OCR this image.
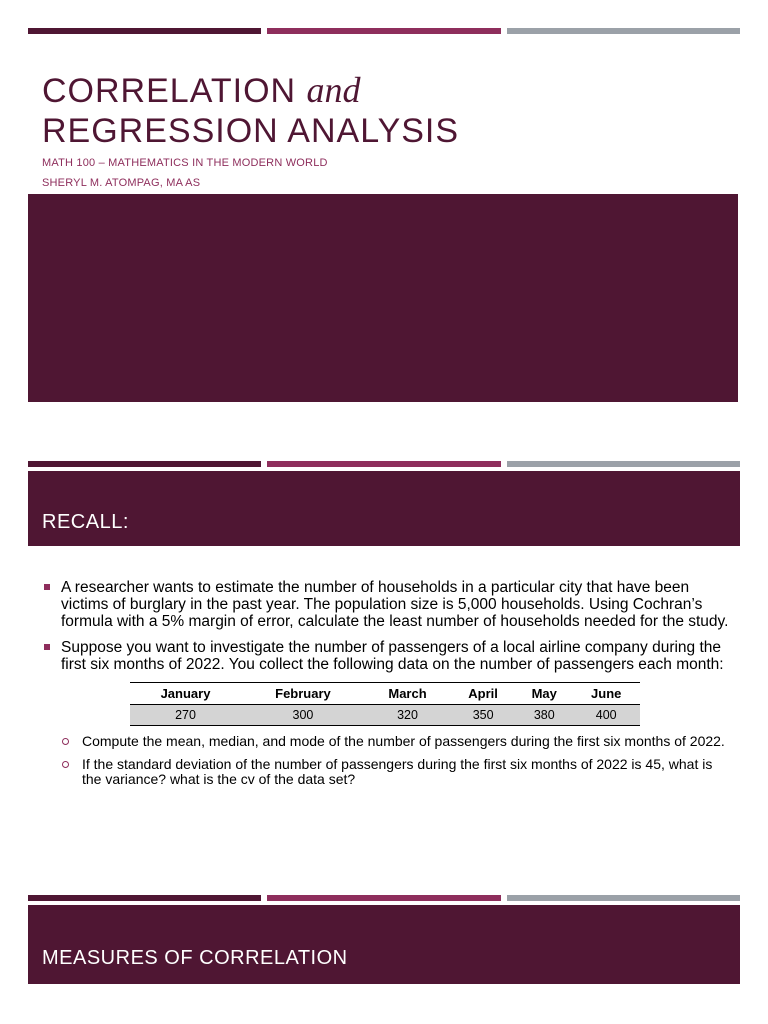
CORRELATION and
REGRESSION ANALYSIS
MATH 100 – MATHEMATICS IN THE MODERN WORLD
SHERYL M. ATOMPAG, MA AS
RECALL:
A researcher wants to estimate the number of households in a particular city that have been victims of burglary in the past year. The population size is 5,000 households. Using Cochran’s formula with a 5% margin of error, calculate the least number of households needed for the study.
Suppose you want to investigate the number of passengers of a local airline company during the first six months of 2022. You collect the following data on the number of passengers each month:
January	February	March	April	May	June
270	300	320	350	380	400
Compute the mean, median, and mode of the number of passengers during the first six months of 2022.
If the standard deviation of the number of passengers during the first six months of 2022 is 45, what is the variance? what is the cv of the data set?
MEASURES OF CORRELATION
